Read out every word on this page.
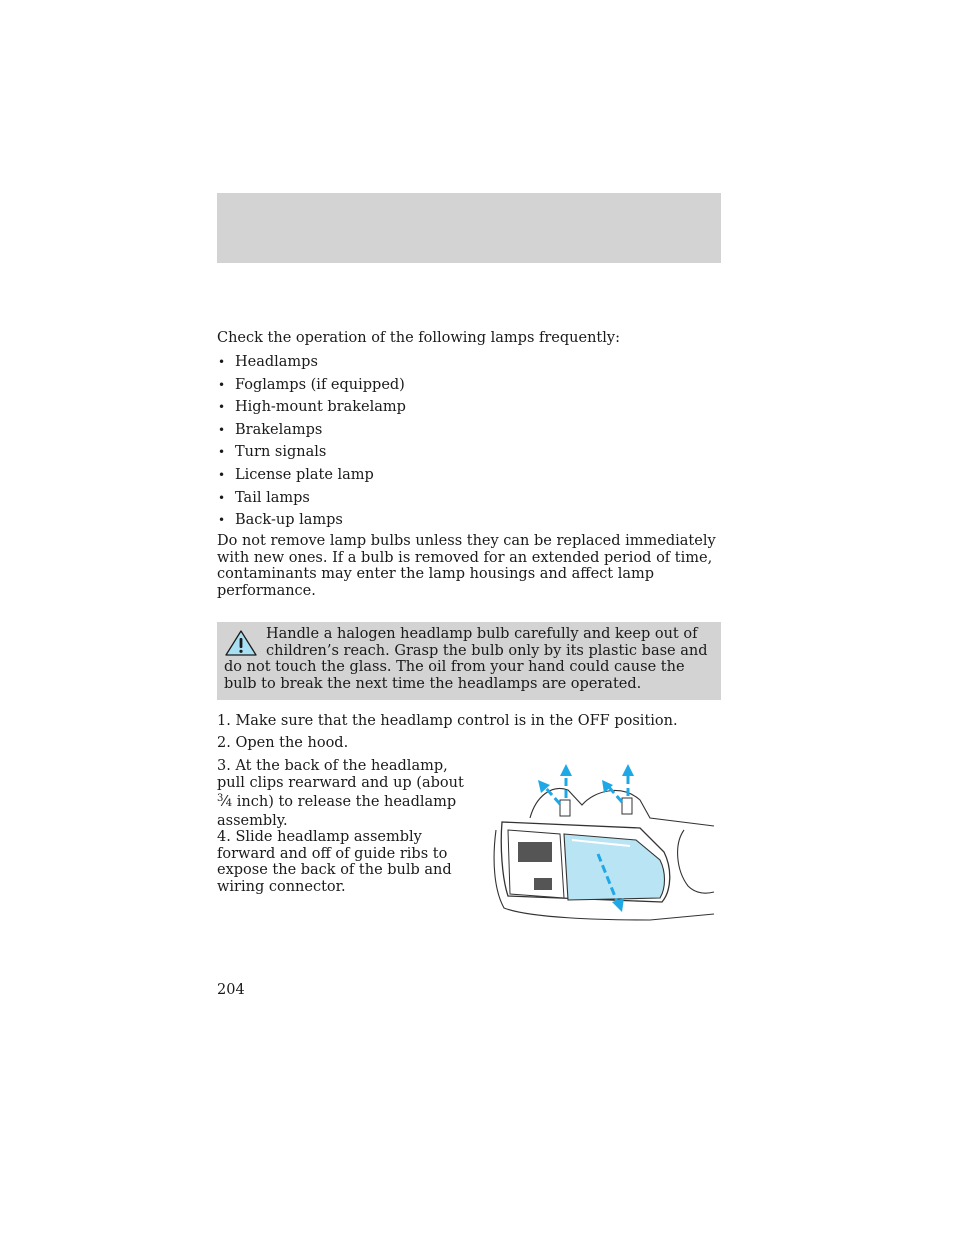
Check the operation of the following lamps frequently:

• Headlamps
• Foglamps (if equipped)
• High-mount brakelamp
• Brakelamps
• Turn signals
• License plate lamp
• Tail lamps
• Back-up lamps

Do not remove lamp bulbs unless they can be replaced immediately with new ones. If a bulb is removed for an extended period of time, contaminants may enter the lamp housings and affect lamp performance.

Handle a halogen headlamp bulb carefully and keep out of children’s reach. Grasp the bulb only by its plastic base and do not touch the glass. The oil from your hand could cause the bulb to break the next time the headlamps are operated.

1. Make sure that the headlamp control is in the OFF position.

2. Open the hood.

3. At the back of the headlamp, pull clips rearward and up (about $^3$⁄4 inch) to release the headlamp assembly.

4. Slide headlamp assembly forward and off of guide ribs to expose the back of the bulb and wiring connector.

204
